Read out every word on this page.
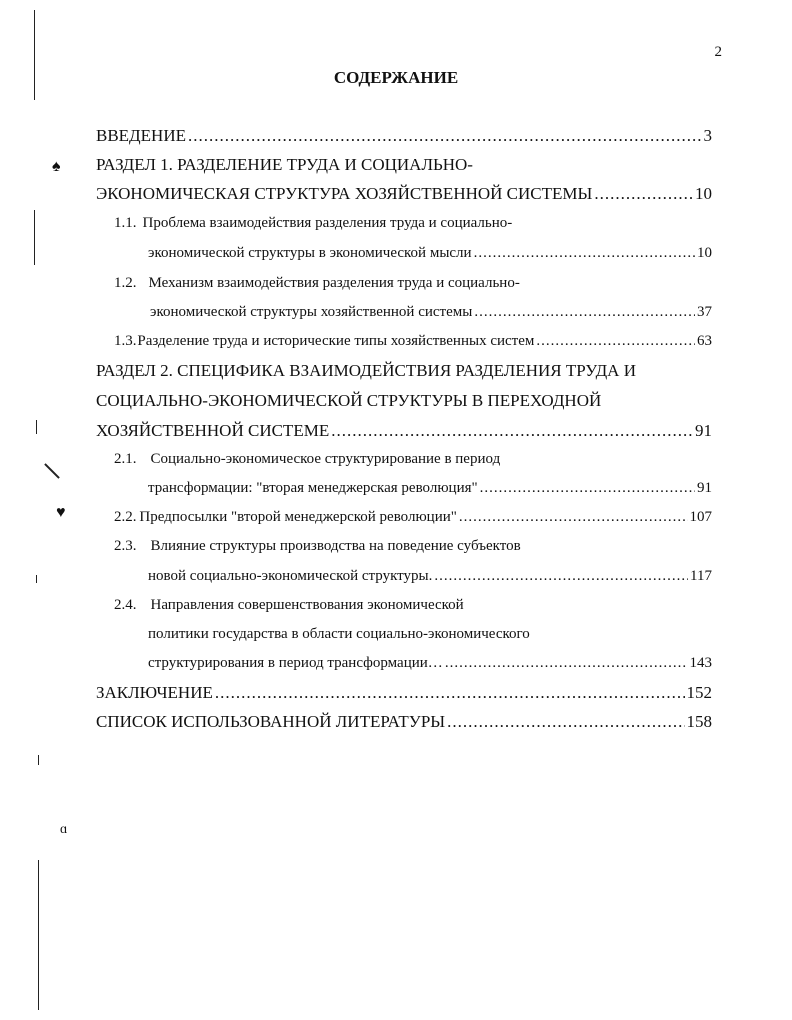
♠
♥
ɑ
2
СОДЕРЖАНИЕ
ВВЕДЕНИЕ .....	3
РАЗДЕЛ 1. РАЗДЕЛЕНИЕ ТРУДА И СОЦИАЛЬНО-
ЭКОНОМИЧЕСКАЯ СТРУКТУРА ХОЗЯЙСТВЕННОЙ СИСТЕМЫ .....	10
1.1. Проблема взаимодействия разделения труда и социально-
экономической структуры в экономической мысли .....	10
1.2. Механизм взаимодействия разделения труда и социально-
экономической структуры хозяйственной системы .....	37
1.3. Разделение труда и исторические типы хозяйственных систем .....	63
РАЗДЕЛ 2. СПЕЦИФИКА ВЗАИМОДЕЙСТВИЯ РАЗДЕЛЕНИЯ ТРУДА И
СОЦИАЛЬНО-ЭКОНОМИЧЕСКОЙ СТРУКТУРЫ В ПЕРЕХОДНОЙ
ХОЗЯЙСТВЕННОЙ СИСТЕМЕ .....	91
2.1. Социально-экономическое структурирование в период
трансформации: "вторая менеджерская революция" .....	91
2.2. Предпосылки "второй менеджерской революции" .....	107
2.3. Влияние структуры производства на поведение субъектов
новой социально-экономической структуры. .....	117
2.4. Направления совершенствования экономической
политики государства в области социально-экономического
структурирования в период трансформации… .....	143
ЗАКЛЮЧЕНИЕ .....	152
СПИСОК ИСПОЛЬЗОВАННОЙ ЛИТЕРАТУРЫ .....	158
